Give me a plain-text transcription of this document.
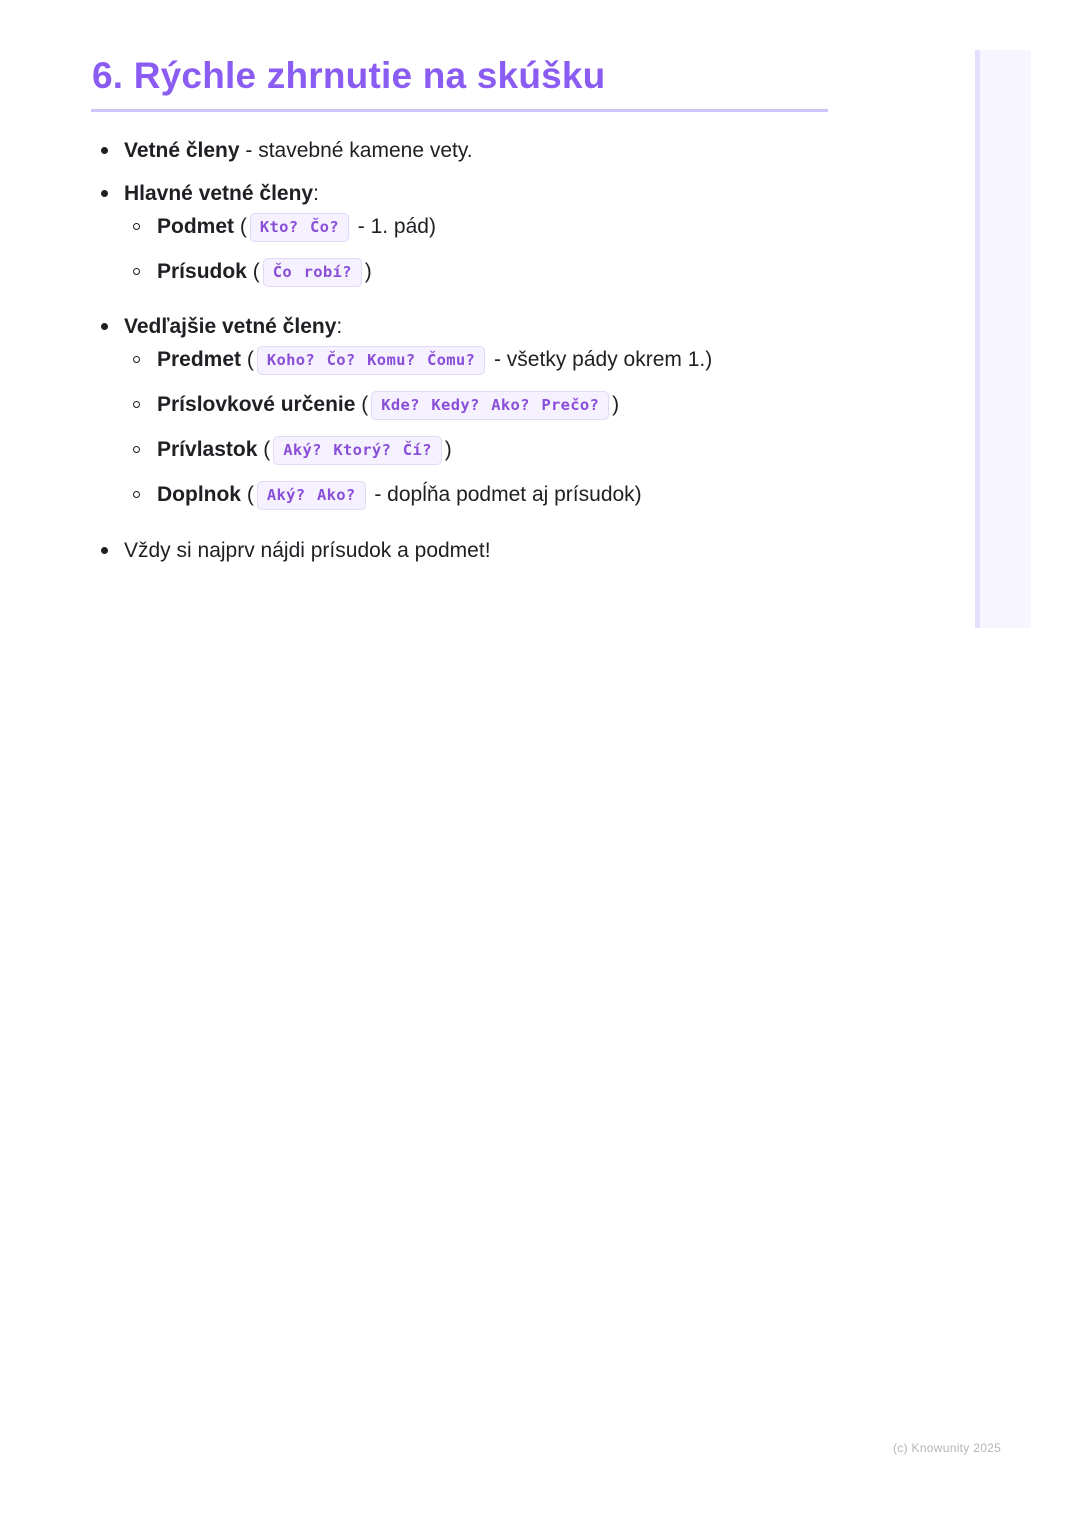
6. Rýchle zhrnutie na skúšku
Vetné členy - stavebné kamene vety.
Hlavné vetné členy :
Podmet ( Kto? Čo? - 1. pád)
Prísudok ( Čo robí? )
Vedľajšie vetné členy :
Predmet ( Koho? Čo? Komu? Čomu? - všetky pády okrem 1.)
Príslovkové určenie ( Kde? Kedy? Ako? Prečo? )
Prívlastok ( Aký? Ktorý? Čí? )
Doplnok ( Aký? Ako? - dopĺňa podmet aj prísudok)
Vždy si najprv nájdi prísudok a podmet!
(c) Knowunity 2025
